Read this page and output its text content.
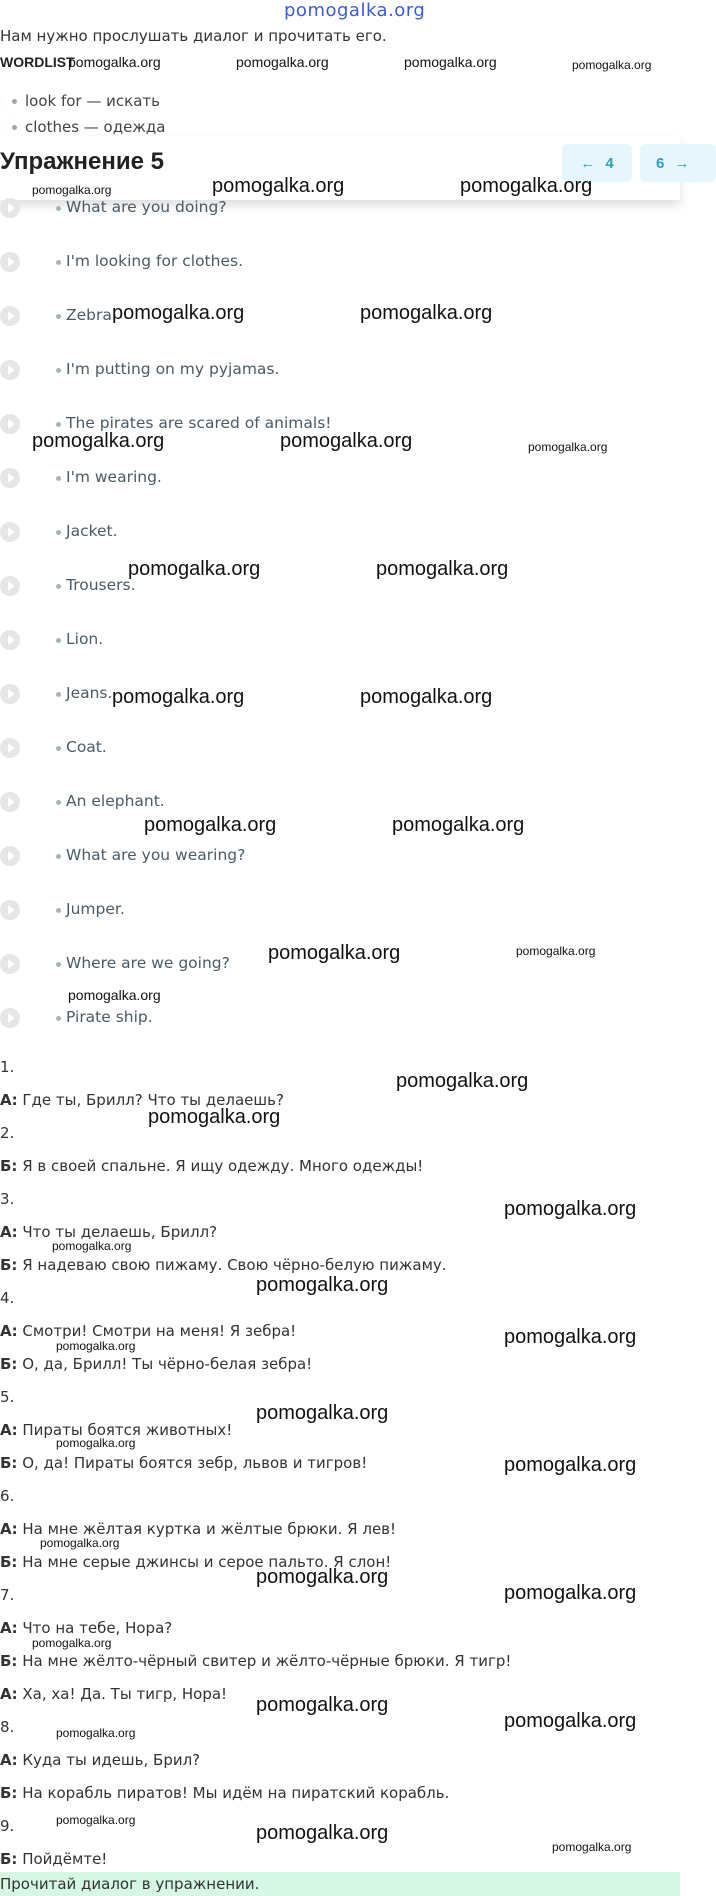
pomogalka.org
Нам нужно прослушать диалог и прочитать его.
WORDLIST
look for — искать
clothes — одежда
Упражнение 5	← 4	6 →
What are you doing?
I'm looking for clothes.
Zebra.
I'm putting on my pyjamas.
The pirates are scared of animals!
I'm wearing.
Jacket.
Trousers.
Lion.
Jeans.
Coat.
An elephant.
What are you wearing?
Jumper.
Where are we going?
Pirate ship.
1.
А: Где ты, Брилл? Что ты делаешь?
2.
Б: Я в своей спальне. Я ищу одежду. Много одежды!
3.
А: Что ты делаешь, Брилл?
Б: Я надеваю свою пижаму. Свою чёрно-белую пижаму.
4.
А: Смотри! Смотри на меня! Я зебра!
Б: О, да, Брилл! Ты чёрно-белая зебра!
5.
А: Пираты боятся животных!
Б: О, да! Пираты боятся зебр, львов и тигров!
6.
А: На мне жёлтая куртка и жёлтые брюки. Я лев!
Б: На мне серые джинсы и серое пальто. Я слон!
7.
А: Что на тебе, Нора?
Б: На мне жёлто-чёрный свитер и жёлто-чёрные брюки. Я тигр!
А: Ха, ха! Да. Ты тигр, Нора!
8.
А: Куда ты идешь, Брил?
Б: На корабль пиратов! Мы идём на пиратский корабль.
9.
Б: Пойдёмте!
Прочитай диалог в упражнении.
pomogalka.org	pomogalka.org	pomogalka.org	pomogalka.org
pomogalka.org	pomogalka.org	pomogalka.org
pomogalka.org	pomogalka.org
pomogalka.org	pomogalka.org	pomogalka.org
pomogalka.org	pomogalka.org
pomogalka.org	pomogalka.org
pomogalka.org	pomogalka.org
pomogalka.org	pomogalka.org
pomogalka.org
pomogalka.org
pomogalka.org
pomogalka.org
pomogalka.org
pomogalka.org
pomogalka.org	pomogalka.org
pomogalka.org
pomogalka.org
pomogalka.org
pomogalka.org
pomogalka.org
pomogalka.org
pomogalka.org
pomogalka.org
pomogalka.org
pomogalka.org
pomogalka.org
pomogalka.org
pomogalka.org
